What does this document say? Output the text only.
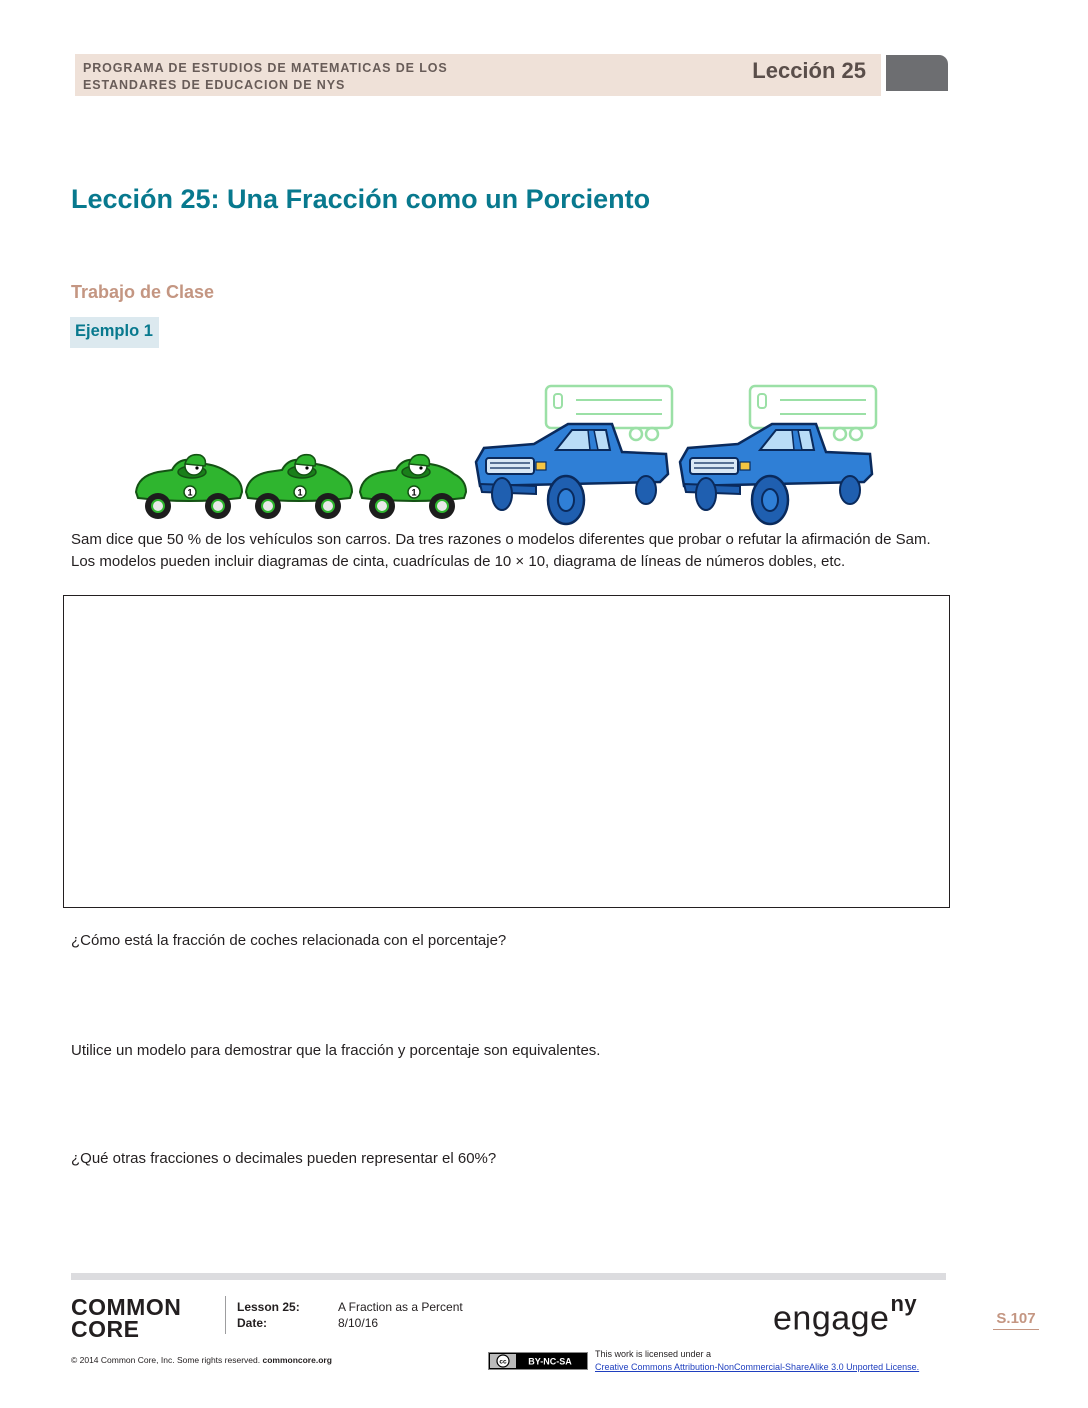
PROGRAMA DE ESTUDIOS DE MATEMATICAS DE LOS
ESTANDARES DE EDUCACION DE NYS
Lección 25
Lección 25: Una Fracción como un Porciento
Trabajo de Clase
Ejemplo 1
Sam dice que 50 % de los vehículos son carros. Da tres razones o modelos diferentes que probar o refutar la afirmación de Sam. Los modelos pueden incluir diagramas de cinta, cuadrículas de 10 × 10, diagrama de líneas de números dobles, etc.
¿Cómo está la fracción de coches relacionada con el porcentaje?
Utilice un modelo para demostrar que la fracción y porcentaje son equivalentes.
¿Qué otras fracciones o decimales pueden representar el 60%?
COMMON
CORE
Lesson 25:
Date:
A Fraction as a Percent
8/10/16
© 2014 Common Core, Inc. Some rights reserved. commoncore.org	cc BY-NC-SA
This work is licensed under a
Creative Commons Attribution-NonCommercial-ShareAlike 3.0 Unported License.
engage$^{ny}$
S.107
